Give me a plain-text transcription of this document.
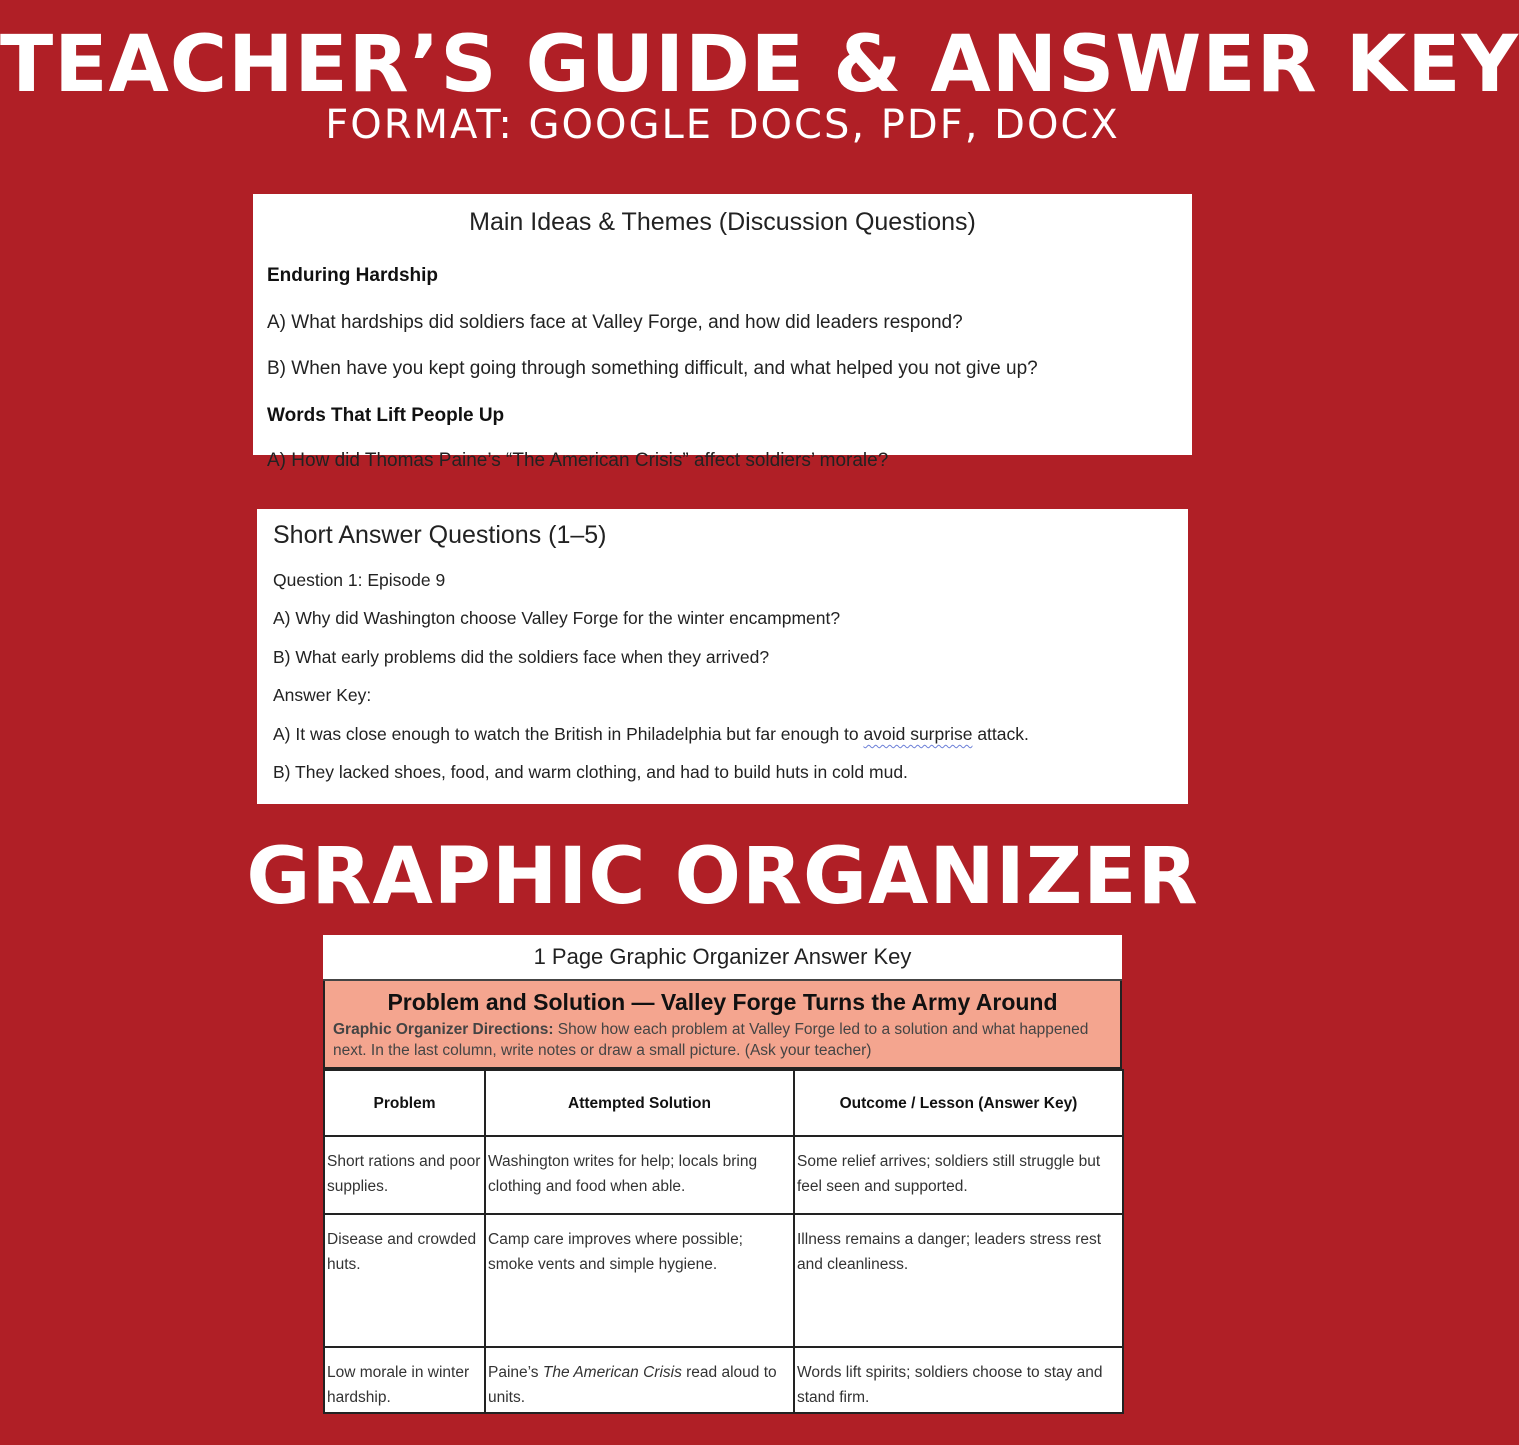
TEACHER’S GUIDE & ANSWER KEY
FORMAT: GOOGLE DOCS, PDF, DOCX
Main Ideas & Themes (Discussion Questions)
Enduring Hardship
A) What hardships did soldiers face at Valley Forge, and how did leaders respond?
B) When have you kept going through something difficult, and what helped you not give up?
Words That Lift People Up
A) How did Thomas Paine’s “The American Crisis” affect soldiers’ morale?
Short Answer Questions (1–5)
Question 1: Episode 9
A) Why did Washington choose Valley Forge for the winter encampment?
B) What early problems did the soldiers face when they arrived?
Answer Key:
A) It was close enough to watch the British in Philadelphia but far enough to avoid surprise attack.
B) They lacked shoes, food, and warm clothing, and had to build huts in cold mud.
GRAPHIC ORGANIZER
1 Page Graphic Organizer Answer Key
Problem and Solution — Valley Forge Turns the Army Around
Graphic Organizer Directions: Show how each problem at Valley Forge led to a solution and what happened next. In the last column, write notes or draw a small picture. (Ask your teacher)
Problem	Attempted Solution	Outcome / Lesson (Answer Key)
Short rations and poor supplies.	Washington writes for help; locals bring clothing and food when able.	Some relief arrives; soldiers still struggle but feel seen and supported.
Disease and crowded huts.	Camp care improves where possible; smoke vents and simple hygiene.	Illness remains a danger; leaders stress rest and cleanliness.
Low morale in winter hardship.	Paine’s The American Crisis read aloud to units.	Words lift spirits; soldiers choose to stay and stand firm.
